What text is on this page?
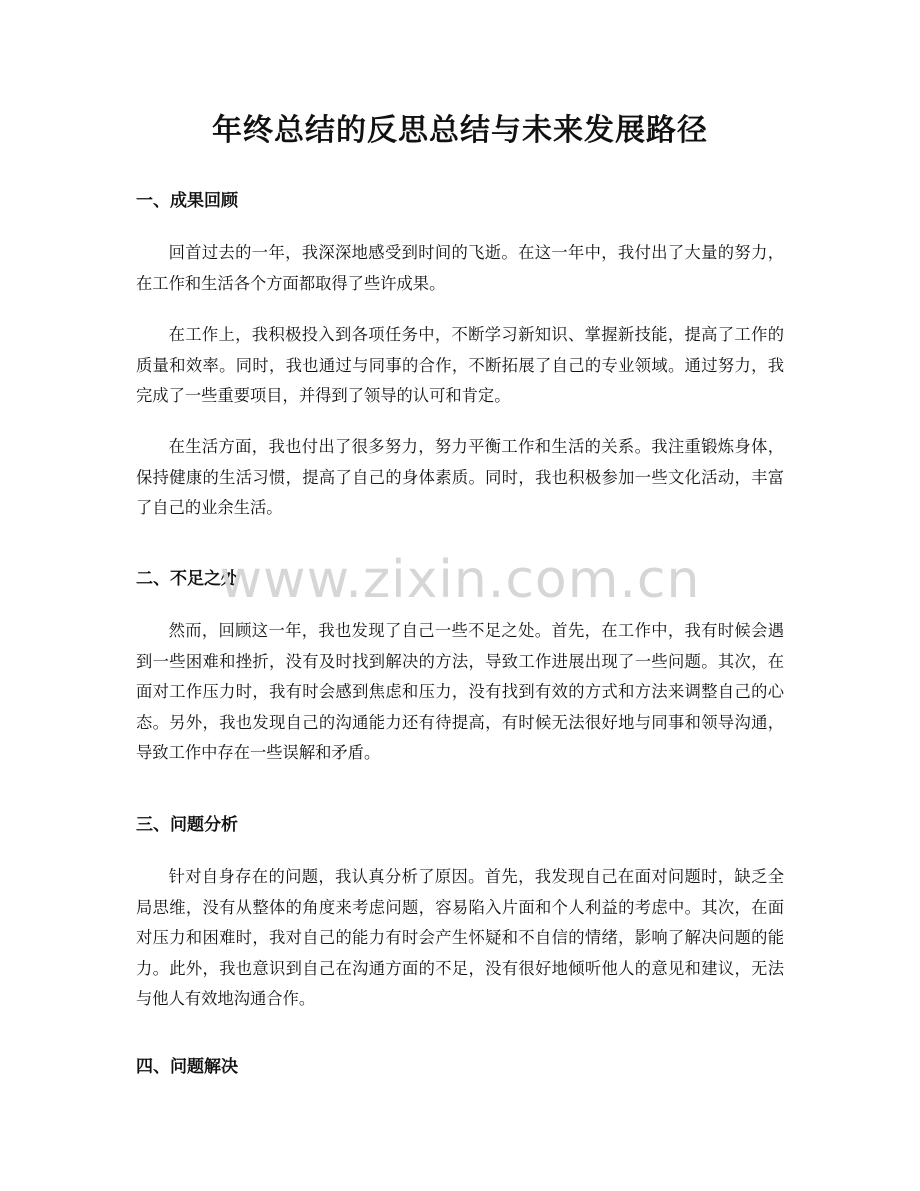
年终总结的反思总结与未来发展路径
一、成果回顾

回首过去的一年，我深深地感受到时间的飞逝。在这一年中，我付出了大量的努力，在工作和生活各个方面都取得了些许成果。

在工作上，我积极投入到各项任务中，不断学习新知识、掌握新技能，提高了工作的质量和效率。同时，我也通过与同事的合作，不断拓展了自己的专业领域。通过努力，我完成了一些重要项目，并得到了领导的认可和肯定。

在生活方面，我也付出了很多努力，努力平衡工作和生活的关系。我注重锻炼身体，保持健康的生活习惯，提高了自己的身体素质。同时，我也积极参加一些文化活动，丰富了自己的业余生活。

二、不足之处

然而，回顾这一年，我也发现了自己一些不足之处。首先，在工作中，我有时候会遇到一些困难和挫折，没有及时找到解决的方法，导致工作进展出现了一些问题。其次，在面对工作压力时，我有时会感到焦虑和压力，没有找到有效的方式和方法来调整自己的心态。另外，我也发现自己的沟通能力还有待提高，有时候无法很好地与同事和领导沟通，导致工作中存在一些误解和矛盾。

三、问题分析

针对自身存在的问题，我认真分析了原因。首先，我发现自己在面对问题时，缺乏全局思维，没有从整体的角度来考虑问题，容易陷入片面和个人利益的考虑中。其次，在面对压力和困难时，我对自己的能力有时会产生怀疑和不自信的情绪，影响了解决问题的能力。此外，我也意识到自己在沟通方面的不足，没有很好地倾听他人的意见和建议，无法与他人有效地沟通合作。

四、问题解决
www.zixin.com.cn
